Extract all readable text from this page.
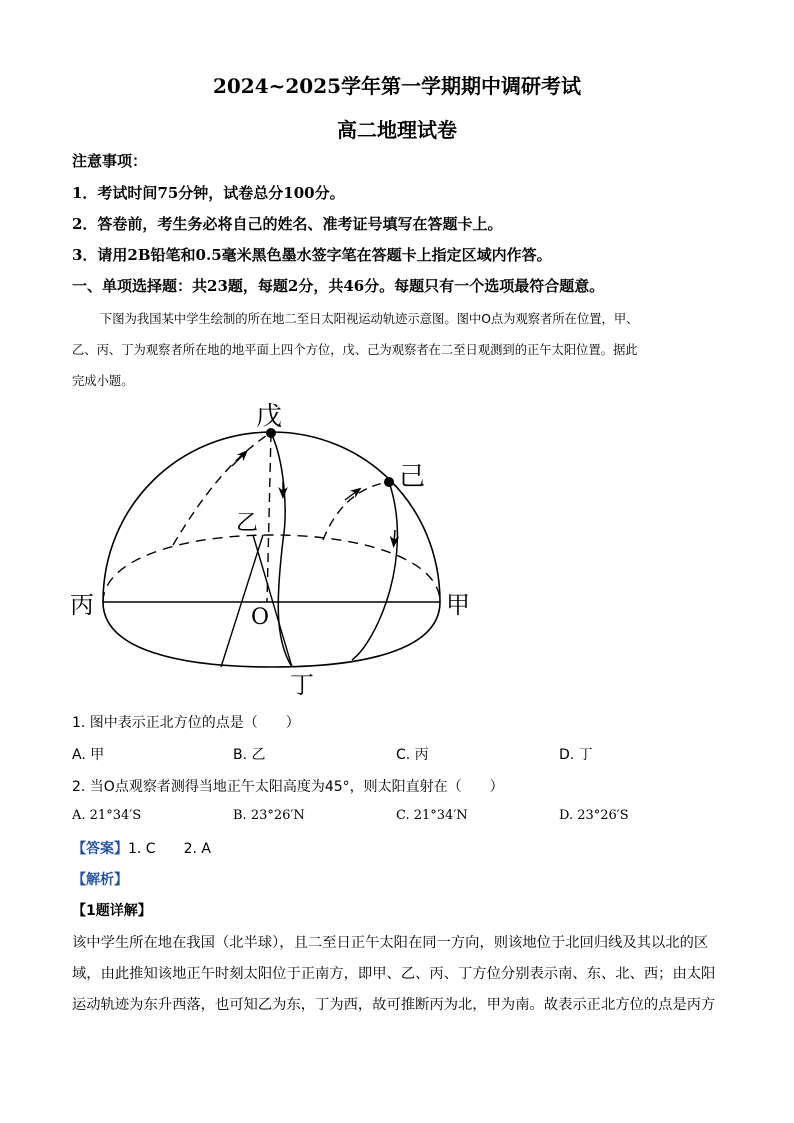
2024~2025学年第一学期期中调研考试
高二地理试卷
注意事项：
1．考试时间75分钟，试卷总分100分。
2．答卷前，考生务必将自己的姓名、准考证号填写在答题卡上。
3．请用2B铅笔和0.5毫米黑色墨水签字笔在答题卡上指定区域内作答。
一、单项选择题：共23题，每题2分，共46分。每题只有一个选项最符合题意。
下图为我国某中学生绘制的所在地二至日太阳视运动轨迹示意图。图中O点为观察者所在位置，甲、
乙、丙、丁为观察者所在地的地平面上四个方位，戊、己为观察者在二至日观测到的正午太阳位置。据此
完成小题。
戊
己
乙
丙	甲
O
丁
1. 图中表示正北方位的点是（　　）
A. 甲	B. 乙	C. 丙	D. 丁
2. 当O点观察者测得当地正午太阳高度为45°，则太阳直射在（　　）
A. 21°34′S	B. 23°26′N	C. 21°34′N	D. 23°26′S
【答案】1. C　　2. A
【解析】
【1题详解】
该中学生所在地在我国（北半球），且二至日正午太阳在同一方向，则该地位于北回归线及其以北的区
域，由此推知该地正午时刻太阳位于正南方，即甲、乙、丙、丁方位分别表示南、东、北、西；由太阳
运动轨迹为东升西落，也可知乙为东，丁为西，故可推断丙为北，甲为南。故表示正北方位的点是丙方
